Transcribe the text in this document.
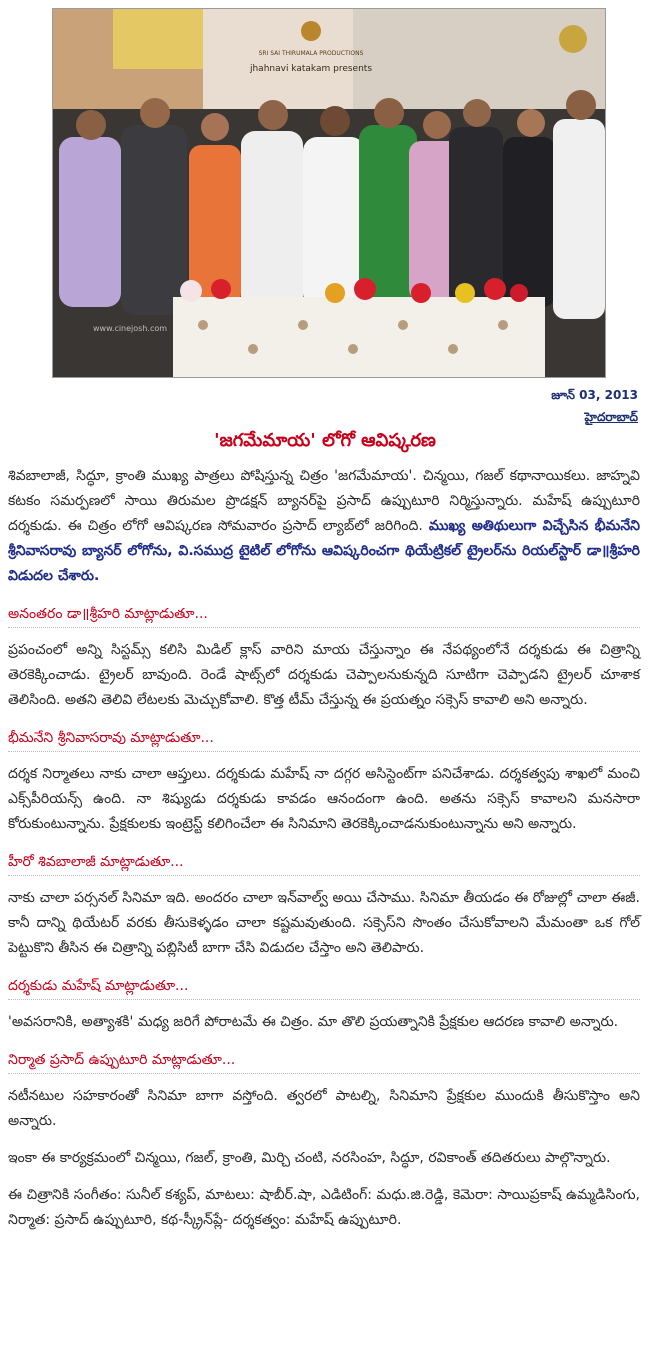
SRI SAI THIRUMALA PRODUCTIONS
jhahnavi katakam presents
www.cinejosh.com
జూన్ 03, 2013
హైదరాబాద్
'జగమేమాయ' లోగో ఆవిష్కరణ

శివబాలాజీ, సిద్ధూ, క్రాంతి ముఖ్య పాత్రలు పోషిస్తున్న చిత్రం 'జగమేమాయ'. చిన్మయి, గజల్ కథానాయికలు. జాహ్నవి కటకం సమర్పణలో సాయి తిరుమల ప్రొడక్షన్ బ్యానర్‌పై ప్రసాద్ ఉప్పుటూరి నిర్మిస్తున్నారు. మహేష్ ఉప్పుటూరి దర్శకుడు. ఈ చిత్రం లోగో ఆవిష్కరణ సోమవారం ప్రసాద్ ల్యాబ్‌లో జరిగింది. ముఖ్య అతిథులుగా విచ్చేసిన భీమనేని శ్రీనివాసరావు బ్యానర్ లోగోను, వి.సముద్ర టైటిల్ లోగోను ఆవిష్కరించగా థియేట్రికల్ ట్రైలర్‌ను రియల్‌స్టార్ డా॥శ్రీహరి విడుదల చేశారు.

అనంతరం డా॥శ్రీహరి మాట్లాడుతూ...

ప్రపంచంలో అన్ని సిస్టమ్స్ కలిసి మిడిల్ క్లాస్ వారిని మాయ చేస్తున్నాం ఈ నేపథ్యంలోనే దర్శకుడు ఈ చిత్రాన్ని తెరకెక్కించాడు. ట్రైలర్ బావుంది. రెండే షాట్స్‌లో దర్శకుడు చెప్పాలనుకున్నది సూటిగా చెప్పాడని ట్రైలర్ చూశాక తెలిసింది. అతని తెలివి లేటలకు మెచ్చుకోవాలి. కొత్త టీమ్ చేస్తున్న ఈ ప్రయత్నం సక్సెస్ కావాలి అని అన్నారు.

భీమనేని శ్రీనివాసరావు మాట్లాడుతూ...

దర్శక నిర్మాతలు నాకు చాలా ఆప్తులు. దర్శకుడు మహేష్ నా దగ్గర అసిస్టెంట్‌గా పనిచేశాడు. దర్శకత్వపు శాఖలో మంచి ఎక్స్‌పీరియన్స్ ఉంది. నా శిష్యుడు దర్శకుడు కావడం ఆనందంగా ఉంది. అతను సక్సెస్ కావాలని మనసారా కోరుకుంటున్నాను. ప్రేక్షకులకు ఇంట్రెస్ట్ కలిగించేలా ఈ సినిమాని తెరకెక్కించాడనుకుంటున్నాను అని అన్నారు.

హీరో శివబాలాజీ మాట్లాడుతూ...

నాకు చాలా పర్సనల్ సినిమా ఇది. అందరం చాలా ఇన్‌వాల్వ్ అయి చేసాము. సినిమా తీయడం ఈ రోజుల్లో చాలా ఈజీ. కానీ దాన్ని థియేటర్ వరకు తీసుకెళ్ళడం చాలా కష్టమవుతుంది. సక్సెస్‌ని సొంతం చేసుకోవాలని మేమంతా ఒక గోల్ పెట్టుకొని తీసిన ఈ చిత్రాన్ని పబ్లిసిటీ బాగా చేసి విడుదల చేస్తాం అని తెలిపారు.

దర్శకుడు మహేష్ మాట్లాడుతూ...

'అవసరానికి, అత్యాశకి' మధ్య జరిగే పోరాటమే ఈ చిత్రం. మా తొలి ప్రయత్నానికి ప్రేక్షకుల ఆదరణ కావాలి అన్నారు.

నిర్మాత ప్రసాద్ ఉప్పుటూరి మాట్లాడుతూ...

నటీనటుల సహకారంతో సినిమా బాగా వస్తోంది. త్వరలో పాటల్ని, సినిమాని ప్రేక్షకుల ముందుకి తీసుకొస్తాం అని అన్నారు.

ఇంకా ఈ కార్యక్రమంలో చిన్మయి, గజల్, క్రాంతి, మిర్చి చంటి, నరసింహ, సిద్ధూ, రవికాంత్ తదితరులు పాల్గొన్నారు.

ఈ చిత్రానికి సంగీతం: సునీల్ కశ్యప్, మాటలు: షాబీర్.షా, ఎడిటింగ్: మధు.జి.రెడ్డి, కెమెరా: సాయిప్రకాష్ ఉమ్మడిసింగు, నిర్మాత: ప్రసాద్ ఉప్పుటూరి, కథ-స్క్రీన్‌ప్లే- దర్శకత్వం: మహేష్ ఉప్పుటూరి.
